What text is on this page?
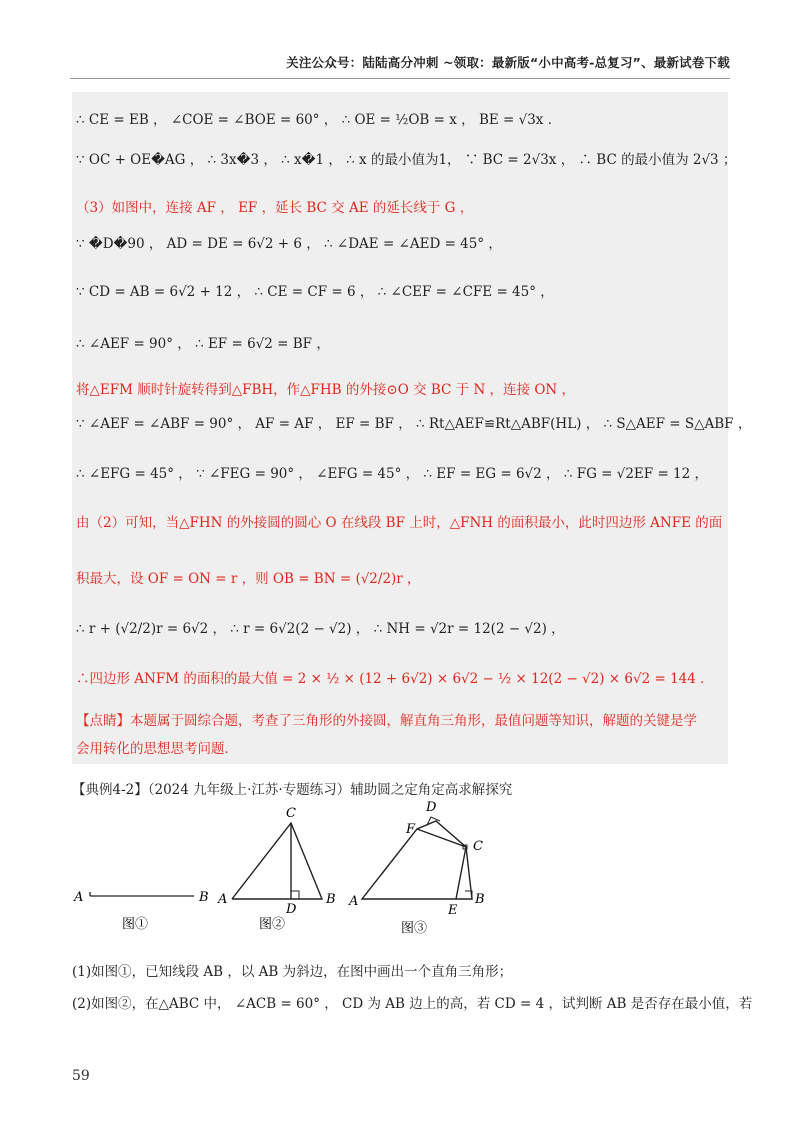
关注公众号：陆陆高分冲刺 ~领取：最新版“小中高考-总复习”、最新试卷下载
∴ CE = EB ， ∠COE = ∠BOE = 60° ， ∴ OE = ½OB = x ， BE = √3x ．
∵ OC + OE�AG ， ∴ 3x�3 ， ∴ x�1 ， ∴ x 的最小值为1， ∵ BC = 2√3x ， ∴ BC 的最小值为 2√3 ；
（3）如图中，连接 AF ， EF ，延长 BC 交 AE 的延长线于 G ，
∵ �D�90 ， AD = DE = 6√2 + 6 ， ∴ ∠DAE = ∠AED = 45° ，
∵ CD = AB = 6√2 + 12 ， ∴ CE = CF = 6 ， ∴ ∠CEF = ∠CFE = 45° ，
∴ ∠AEF = 90° ， ∴ EF = 6√2 = BF ，
将△EFM 顺时针旋转得到△FBH，作△FHB 的外接⊙O 交 BC 于 N ，连接 ON ，
∵ ∠AEF = ∠ABF = 90° ， AF = AF ， EF = BF ， ∴ Rt△AEF≌Rt△ABF(HL) ， ∴ S△AEF = S△ABF ，
∴ ∠EFG = 45° ， ∵ ∠FEG = 90° ， ∠EFG = 45° ， ∴ EF = EG = 6√2 ， ∴ FG = √2EF = 12 ，
由（2）可知，当△FHN 的外接圆的圆心 O 在线段 BF 上时，△FNH 的面积最小，此时四边形 ANFE 的面
积最大，设 OF = ON = r ，则 OB = BN = (√2/2)r ，
∴ r + (√2/2)r = 6√2 ， ∴ r = 6√2(2 − √2) ， ∴ NH = √2r = 12(2 − √2) ，
∴四边形 ANFM 的面积的最大值 = 2 × ½ × (12 + 6√2) × 6√2 − ½ × 12(2 − √2) × 6√2 = 144 ．
【点睛】本题属于圆综合题，考查了三角形的外接圆，解直角三角形，最值问题等知识，解题的关键是学
会用转化的思想思考问题．
【典例4-2】（2024 九年级上·江苏·专题练习）辅助圆之定角定高求解探究
A	B
图①
C
A
D
B
图②
D
F
C
A
E
B
图③
(1)如图①，已知线段 AB ，以 AB 为斜边，在图中画出一个直角三角形；
(2)如图②，在△ABC 中， ∠ACB = 60° ， CD 为 AB 边上的高，若 CD = 4 ，试判断 AB 是否存在最小值，若
59
